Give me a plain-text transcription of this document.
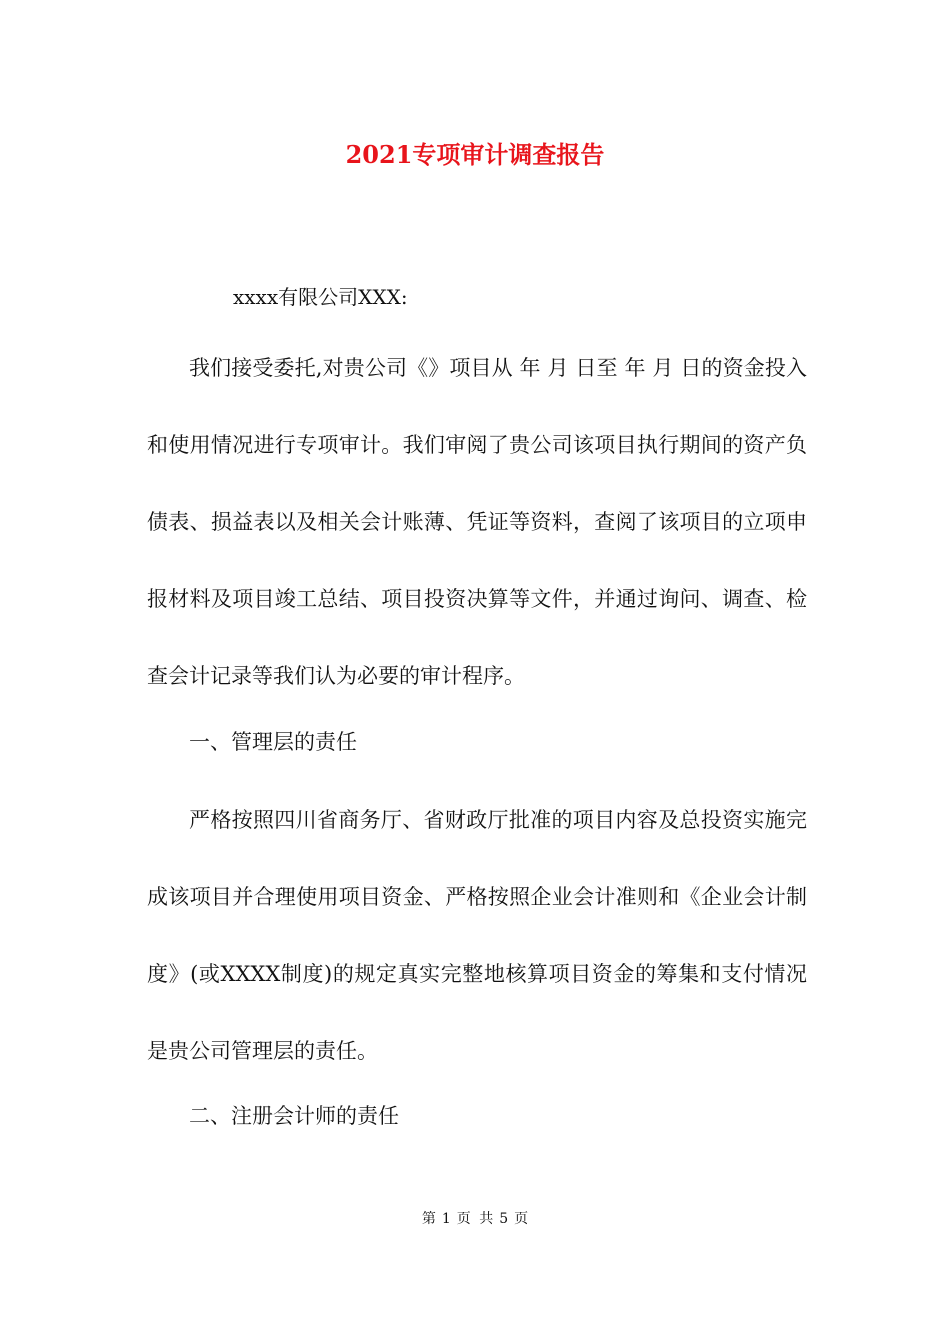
2021专项审计调查报告

xxxx有限公司XXX:

我们接受委托,对贵公司《》项目从 年 月 日至 年 月 日的资金投入和使用情况进行专项审计。我们审阅了贵公司该项目执行期间的资产负债表、损益表以及相关会计账薄、凭证等资料，查阅了该项目的立项申报材料及项目竣工总结、项目投资决算等文件，并通过询问、调查、检查会计记录等我们认为必要的审计程序。

一、管理层的责任

严格按照四川省商务厅、省财政厅批准的项目内容及总投资实施完成该项目并合理使用项目资金、严格按照企业会计准则和《企业会计制度》(或XXXX制度)的规定真实完整地核算项目资金的筹集和支付情况是贵公司管理层的责任。

二、注册会计师的责任

第 1 页 共 5 页
